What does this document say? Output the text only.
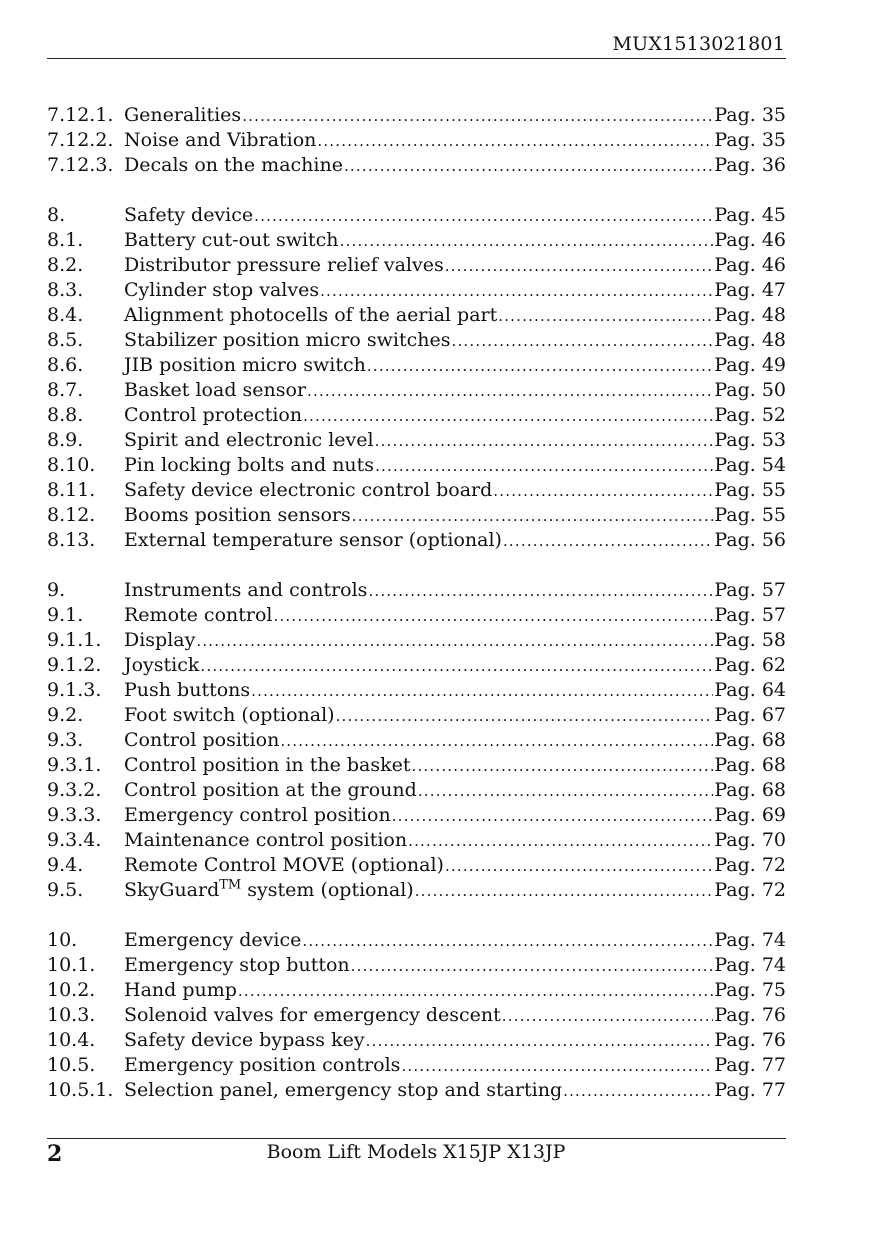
MUX1513021801
7.12.1. Generalities .....	Pag. 35
7.12.2. Noise and Vibration .....	Pag. 35
7.12.3. Decals on the machine .....	Pag. 36
8.	Safety device .....	Pag. 45
8.1.	Battery cut-out switch .....	Pag. 46
8.2.	Distributor pressure relief valves .....	Pag. 46
8.3.	Cylinder stop valves .....	Pag. 47
8.4.	Alignment photocells of the aerial part .....	Pag. 48
8.5.	Stabilizer position micro switches .....	Pag. 48
8.6.	JIB position micro switch .....	Pag. 49
8.7.	Basket load sensor .....	Pag. 50
8.8.	Control protection .....	Pag. 52
8.9.	Spirit and electronic level .....	Pag. 53
8.10.	Pin locking bolts and nuts .....	Pag. 54
8.11.	Safety device electronic control board .....	Pag. 55
8.12.	Booms position sensors .....	Pag. 55
8.13.	External temperature sensor (optional) .....	Pag. 56
9.	Instruments and controls .....	Pag. 57
9.1.	Remote control .....	Pag. 57
9.1.1.	Display .....	Pag. 58
9.1.2.	Joystick .....	Pag. 62
9.1.3.	Push buttons .....	Pag. 64
9.2.	Foot switch (optional) .....	Pag. 67
9.3.	Control position .....	Pag. 68
9.3.1.	Control position in the basket .....	Pag. 68
9.3.2.	Control position at the ground .....	Pag. 68
9.3.3.	Emergency control position .....	Pag. 69
9.3.4.	Maintenance control position .....	Pag. 70
9.4.	Remote Control MOVE (optional) .....	Pag. 72
9.5.	SkyGuard™ system (optional) .....	Pag. 72
10.	Emergency device .....	Pag. 74
10.1.	Emergency stop button .....	Pag. 74
10.2.	Hand pump .....	Pag. 75
10.3.	Solenoid valves for emergency descent .....	Pag. 76
10.4.	Safety device bypass key .....	Pag. 76
10.5.	Emergency position controls .....	Pag. 77
10.5.1. Selection panel, emergency stop and starting .....	Pag. 77
2	Boom Lift Models X15JP X13JP
